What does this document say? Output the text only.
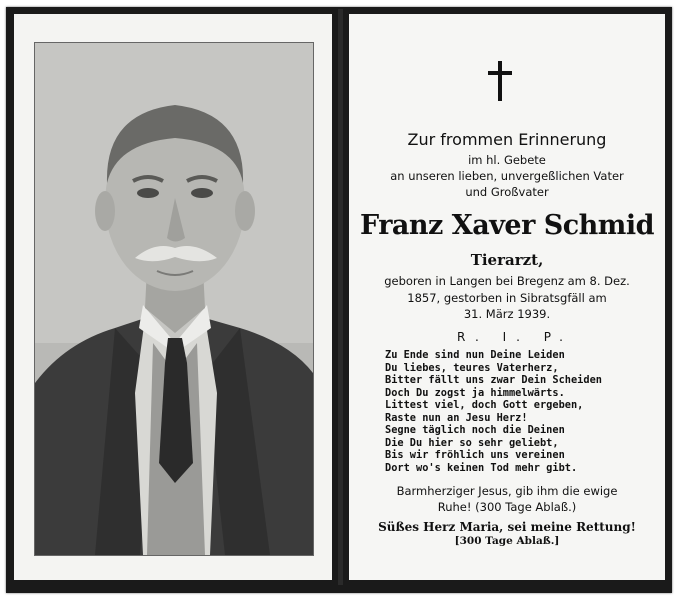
Zur frommen Erinnerung
im hl. Gebete
an unseren lieben, unvergeßlichen Vater
und Großvater
Franz Xaver Schmid
Tierarzt,
geboren in Langen bei Bregenz am 8. Dez.
1857, gestorben in Sibratsgfäll am
31. März 1939.
R. I. P.
Zu Ende sind nun Deine Leiden
Du liebes, teures Vaterherz,
Bitter fällt uns zwar Dein Scheiden
Doch Du zogst ja himmelwärts.
Littest viel, doch Gott ergeben,
Raste nun an Jesu Herz!
Segne täglich noch die Deinen
Die Du hier so sehr geliebt,
Bis wir fröhlich uns vereinen
Dort wo's keinen Tod mehr gibt.
Barmherziger Jesus, gib ihm die ewige
Ruhe! (300 Tage Ablaß.)
Süßes Herz Maria, sei meine Rettung!
[300 Tage Ablaß.]
